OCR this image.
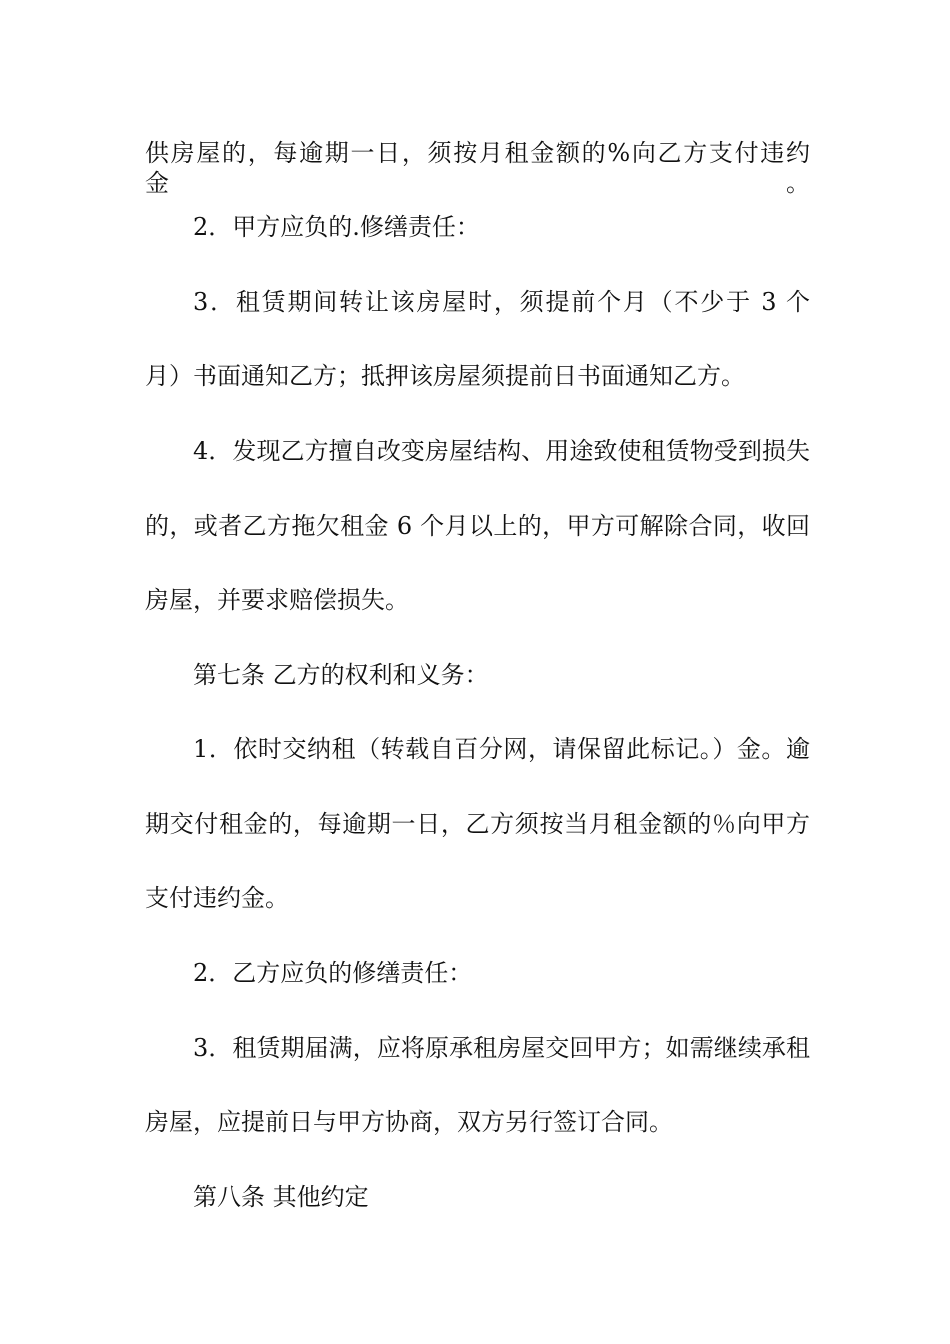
供房屋的，每逾期一日，须按月租金额的%向乙方支付违约金。
2．甲方应负的.修缮责任：
3．租赁期间转让该房屋时，须提前个月（不少于 3 个
月）书面通知乙方；抵押该房屋须提前日书面通知乙方。
4．发现乙方擅自改变房屋结构、用途致使租赁物受到损失
的，或者乙方拖欠租金 6 个月以上的，甲方可解除合同，收回
房屋，并要求赔偿损失。
第七条 乙方的权利和义务：
1．依时交纳租（转载自百分网，请保留此标记。）金。逾
期交付租金的，每逾期一日，乙方须按当月租金额的％向甲方
支付违约金。
2．乙方应负的修缮责任：
3．租赁期届满，应将原承租房屋交回甲方；如需继续承租
房屋，应提前日与甲方协商，双方另行签订合同。
第八条 其他约定
